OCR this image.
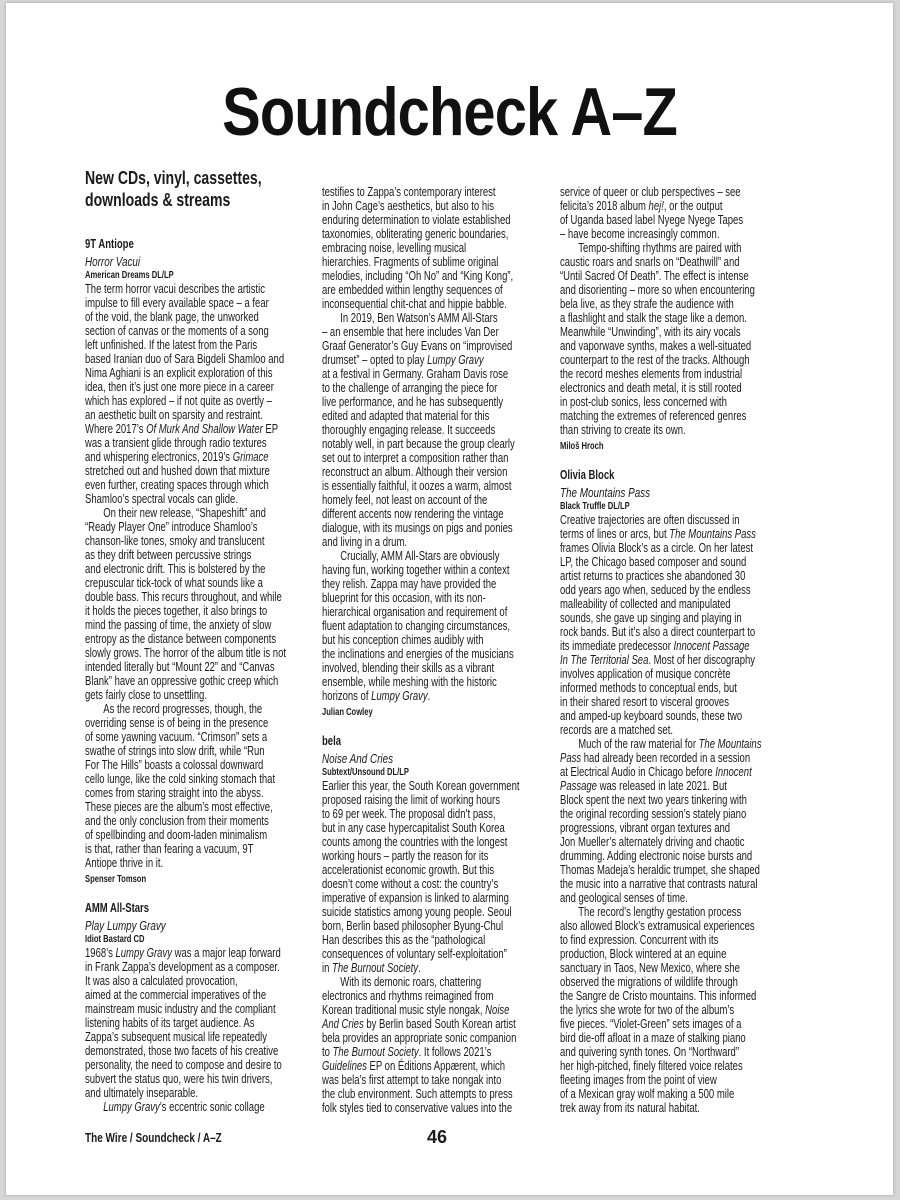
Soundcheck A–Z
New CDs, vinyl, cassettes,
downloads & streams
9T Antiope
Horror Vacui
American Dreams DL/LP
The term horror vacui describes the artistic
impulse to fill every available space – a fear
of the void, the blank page, the unworked
section of canvas or the moments of a song
left unfinished. If the latest from the Paris
based Iranian duo of Sara Bigdeli Shamloo and
Nima Aghiani is an explicit exploration of this
idea, then it’s just one more piece in a career
which has explored – if not quite as overtly –
an aesthetic built on sparsity and restraint.
Where 2017’s Of Murk And Shallow Water EP
was a transient glide through radio textures
and whispering electronics, 2019’s Grimace
stretched out and hushed down that mixture
even further, creating spaces through which
Shamloo’s spectral vocals can glide.
On their new release, “Shapeshift” and
“Ready Player One” introduce Shamloo’s
chanson-like tones, smoky and translucent
as they drift between percussive strings
and electronic drift. This is bolstered by the
crepuscular tick-tock of what sounds like a
double bass. This recurs throughout, and while
it holds the pieces together, it also brings to
mind the passing of time, the anxiety of slow
entropy as the distance between components
slowly grows. The horror of the album title is not
intended literally but “Mount 22” and “Canvas
Blank” have an oppressive gothic creep which
gets fairly close to unsettling.
As the record progresses, though, the
overriding sense is of being in the presence
of some yawning vacuum. “Crimson” sets a
swathe of strings into slow drift, while “Run
For The Hills” boasts a colossal downward
cello lunge, like the cold sinking stomach that
comes from staring straight into the abyss.
These pieces are the album’s most effective,
and the only conclusion from their moments
of spellbinding and doom-laden minimalism
is that, rather than fearing a vacuum, 9T
Antiope thrive in it.
Spenser Tomson
AMM All-Stars
Play Lumpy Gravy
Idiot Bastard CD
1968’s Lumpy Gravy was a major leap forward
in Frank Zappa’s development as a composer.
It was also a calculated provocation,
aimed at the commercial imperatives of the
mainstream music industry and the compliant
listening habits of its target audience. As
Zappa’s subsequent musical life repeatedly
demonstrated, those two facets of his creative
personality, the need to compose and desire to
subvert the status quo, were his twin drivers,
and ultimately inseparable.
Lumpy Gravy’s eccentric sonic collage
testifies to Zappa’s contemporary interest
in John Cage’s aesthetics, but also to his
enduring determination to violate established
taxonomies, obliterating generic boundaries,
embracing noise, levelling musical
hierarchies. Fragments of sublime original
melodies, including “Oh No” and “King Kong”,
are embedded within lengthy sequences of
inconsequential chit-chat and hippie babble.
In 2019, Ben Watson’s AMM All-Stars
– an ensemble that here includes Van Der
Graaf Generator’s Guy Evans on “improvised
drumset” – opted to play Lumpy Gravy
at a festival in Germany. Graham Davis rose
to the challenge of arranging the piece for
live performance, and he has subsequently
edited and adapted that material for this
thoroughly engaging release. It succeeds
notably well, in part because the group clearly
set out to interpret a composition rather than
reconstruct an album. Although their version
is essentially faithful, it oozes a warm, almost
homely feel, not least on account of the
different accents now rendering the vintage
dialogue, with its musings on pigs and ponies
and living in a drum.
Crucially, AMM All-Stars are obviously
having fun, working together within a context
they relish. Zappa may have provided the
blueprint for this occasion, with its non-
hierarchical organisation and requirement of
fluent adaptation to changing circumstances,
but his conception chimes audibly with
the inclinations and energies of the musicians
involved, blending their skills as a vibrant
ensemble, while meshing with the historic
horizons of Lumpy Gravy.
Julian Cowley
bela
Noise And Cries
Subtext/Unsound DL/LP
Earlier this year, the South Korean government
proposed raising the limit of working hours
to 69 per week. The proposal didn’t pass,
but in any case hypercapitalist South Korea
counts among the countries with the longest
working hours – partly the reason for its
accelerationist economic growth. But this
doesn’t come without a cost: the country’s
imperative of expansion is linked to alarming
suicide statistics among young people. Seoul
born, Berlin based philosopher Byung-Chul
Han describes this as the “pathological
consequences of voluntary self-exploitation”
in The Burnout Society.
With its demonic roars, chattering
electronics and rhythms reimagined from
Korean traditional music style nongak, Noise
And Cries by Berlin based South Korean artist
bela provides an appropriate sonic companion
to The Burnout Society. It follows 2021’s
Guidelines EP on Éditions Appærent, which
was bela’s first attempt to take nongak into
the club environment. Such attempts to press
folk styles tied to conservative values into the
service of queer or club perspectives – see
felicita’s 2018 album hej!, or the output
of Uganda based label Nyege Nyege Tapes
– have become increasingly common.
Tempo-shifting rhythms are paired with
caustic roars and snarls on “Deathwill” and
“Until Sacred Of Death”. The effect is intense
and disorienting – more so when encountering
bela live, as they strafe the audience with
a flashlight and stalk the stage like a demon.
Meanwhile “Unwinding”, with its airy vocals
and vaporwave synths, makes a well-situated
counterpart to the rest of the tracks. Although
the record meshes elements from industrial
electronics and death metal, it is still rooted
in post-club sonics, less concerned with
matching the extremes of referenced genres
than striving to create its own.
Miloš Hroch
Olivia Block
The Mountains Pass
Black Truffle DL/LP
Creative trajectories are often discussed in
terms of lines or arcs, but The Mountains Pass
frames Olivia Block’s as a circle. On her latest
LP, the Chicago based composer and sound
artist returns to practices she abandoned 30
odd years ago when, seduced by the endless
malleability of collected and manipulated
sounds, she gave up singing and playing in
rock bands. But it’s also a direct counterpart to
its immediate predecessor Innocent Passage
In The Territorial Sea. Most of her discography
involves application of musique concrète
informed methods to conceptual ends, but
in their shared resort to visceral grooves
and amped-up keyboard sounds, these two
records are a matched set.
Much of the raw material for The Mountains
Pass had already been recorded in a session
at Electrical Audio in Chicago before Innocent
Passage was released in late 2021. But
Block spent the next two years tinkering with
the original recording session’s stately piano
progressions, vibrant organ textures and
Jon Mueller’s alternately driving and chaotic
drumming. Adding electronic noise bursts and
Thomas Madeja’s heraldic trumpet, she shaped
the music into a narrative that contrasts natural
and geological senses of time.
The record’s lengthy gestation process
also allowed Block’s extramusical experiences
to find expression. Concurrent with its
production, Block wintered at an equine
sanctuary in Taos, New Mexico, where she
observed the migrations of wildlife through
the Sangre de Cristo mountains. This informed
the lyrics she wrote for two of the album’s
five pieces. “Violet-Green” sets images of a
bird die-off afloat in a maze of stalking piano
and quivering synth tones. On “Northward”
her high-pitched, finely filtered voice relates
fleeting images from the point of view
of a Mexican gray wolf making a 500 mile
trek away from its natural habitat.
The Wire / Soundcheck / A–Z	46
